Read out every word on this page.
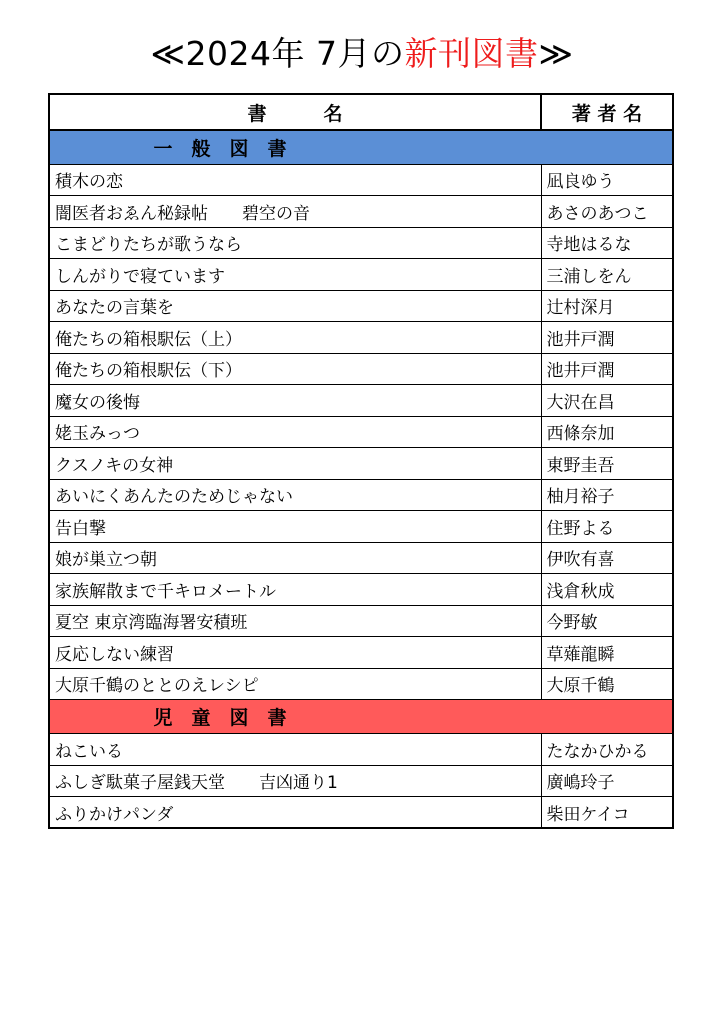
≪2024年 7月の新刊図書≫
書　　　名	著 者 名
一　般　図　書	
積木の恋	凪良ゆう
闇医者おゑん秘録帖　　碧空の音	あさのあつこ
こまどりたちが歌うなら	寺地はるな
しんがりで寝ています	三浦しをん
あなたの言葉を	辻村深月
俺たちの箱根駅伝（上）	池井戸潤
俺たちの箱根駅伝（下）	池井戸潤
魔女の後悔	大沢在昌
姥玉みっつ	西條奈加
クスノキの女神	東野圭吾
あいにくあんたのためじゃない	柚月裕子
告白撃	住野よる
娘が巣立つ朝	伊吹有喜
家族解散まで千キロメートル	浅倉秋成
夏空 東京湾臨海署安積班	今野敏
反応しない練習	草薙龍瞬
大原千鶴のととのえレシピ	大原千鶴
児　童　図　書	
ねこいる	たなかひかる
ふしぎ駄菓子屋銭天堂　　吉凶通り1	廣嶋玲子
ふりかけパンダ	柴田ケイコ
